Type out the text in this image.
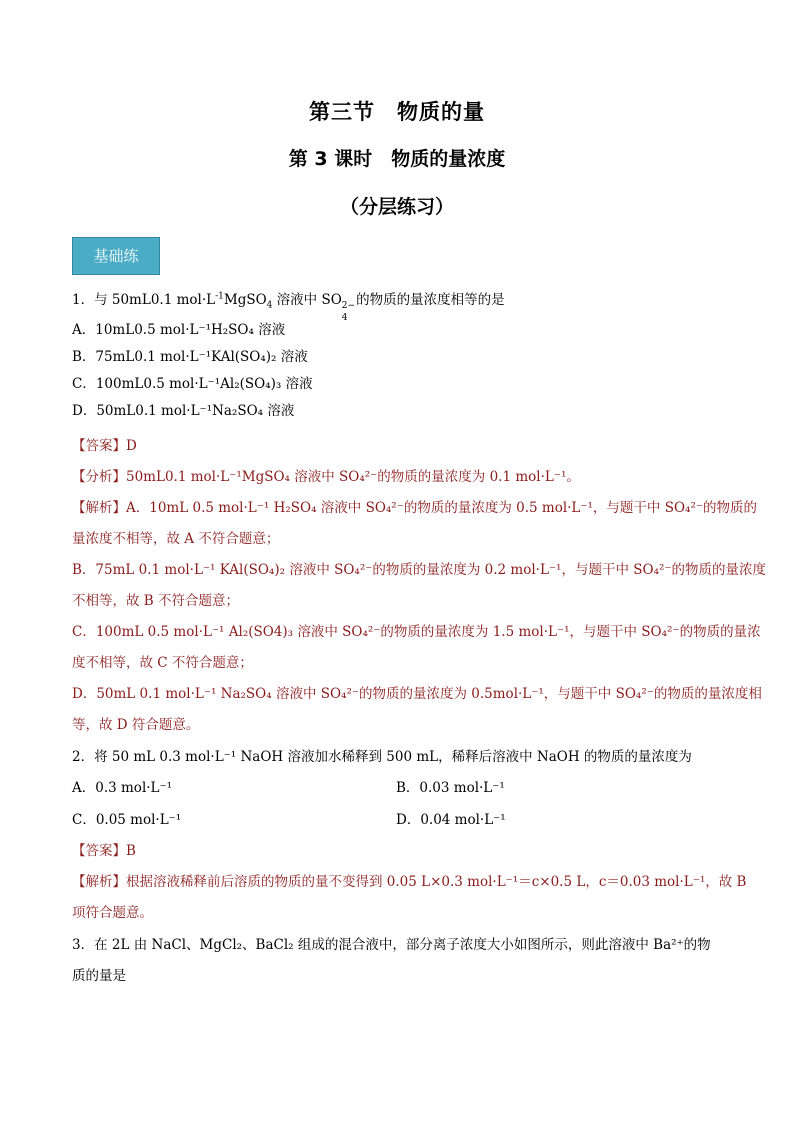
第三节　物质的量
第 3 课时　物质的量浓度
（分层练习）
基础练
1．与 50mL0.1 $mol\cdot L^{-1}MgSO_4$ 溶液中 SO 2−
4
的物质的量浓度相等的是
A．10mL0.5 mol·L⁻¹H₂SO₄ 溶液
B．75mL0.1 mol·L⁻¹KAl(SO₄)₂ 溶液
C．100mL0.5 mol·L⁻¹Al₂(SO₄)₃ 溶液
D．50mL0.1 mol·L⁻¹Na₂SO₄ 溶液
【答案】D
【分析】50mL0.1 mol·L⁻¹MgSO₄ 溶液中 SO₄²⁻的物质的量浓度为 0.1 mol·L⁻¹。
【解析】A．10mL 0.5 mol·L⁻¹ H₂SO₄ 溶液中 SO₄²⁻的物质的量浓度为 0.5 mol·L⁻¹，与题干中 SO₄²⁻的物质的
量浓度不相等，故 A 不符合题意；
B．75mL 0.1 mol·L⁻¹ KAl(SO₄)₂ 溶液中 SO₄²⁻的物质的量浓度为 0.2 mol·L⁻¹，与题干中 SO₄²⁻的物质的量浓度
不相等，故 B 不符合题意；
C．100mL 0.5 mol·L⁻¹ Al₂(SO4)₃ 溶液中 SO₄²⁻的物质的量浓度为 1.5 mol·L⁻¹，与题干中 SO₄²⁻的物质的量浓
度不相等，故 C 不符合题意；
D．50mL 0.1 mol·L⁻¹ Na₂SO₄ 溶液中 SO₄²⁻的物质的量浓度为 0.5mol·L⁻¹，与题干中 SO₄²⁻的物质的量浓度相
等，故 D 符合题意。
2．将 50 mL 0.3 mol·L⁻¹ NaOH 溶液加水稀释到 500 mL，稀释后溶液中 NaOH 的物质的量浓度为
A．0.3 mol·L⁻¹	B．0.03 mol·L⁻¹
C．0.05 mol·L⁻¹	D．0.04 mol·L⁻¹
【答案】B
【解析】根据溶液稀释前后溶质的物质的量不变得到 0.05 L×0.3 mol·L⁻¹＝c×0.5 L，c＝0.03 mol·L⁻¹，故 B
项符合题意。
3．在 2L 由 NaCl、MgCl₂、BaCl₂ 组成的混合液中，部分离子浓度大小如图所示，则此溶液中 Ba²⁺的物
质的量是
